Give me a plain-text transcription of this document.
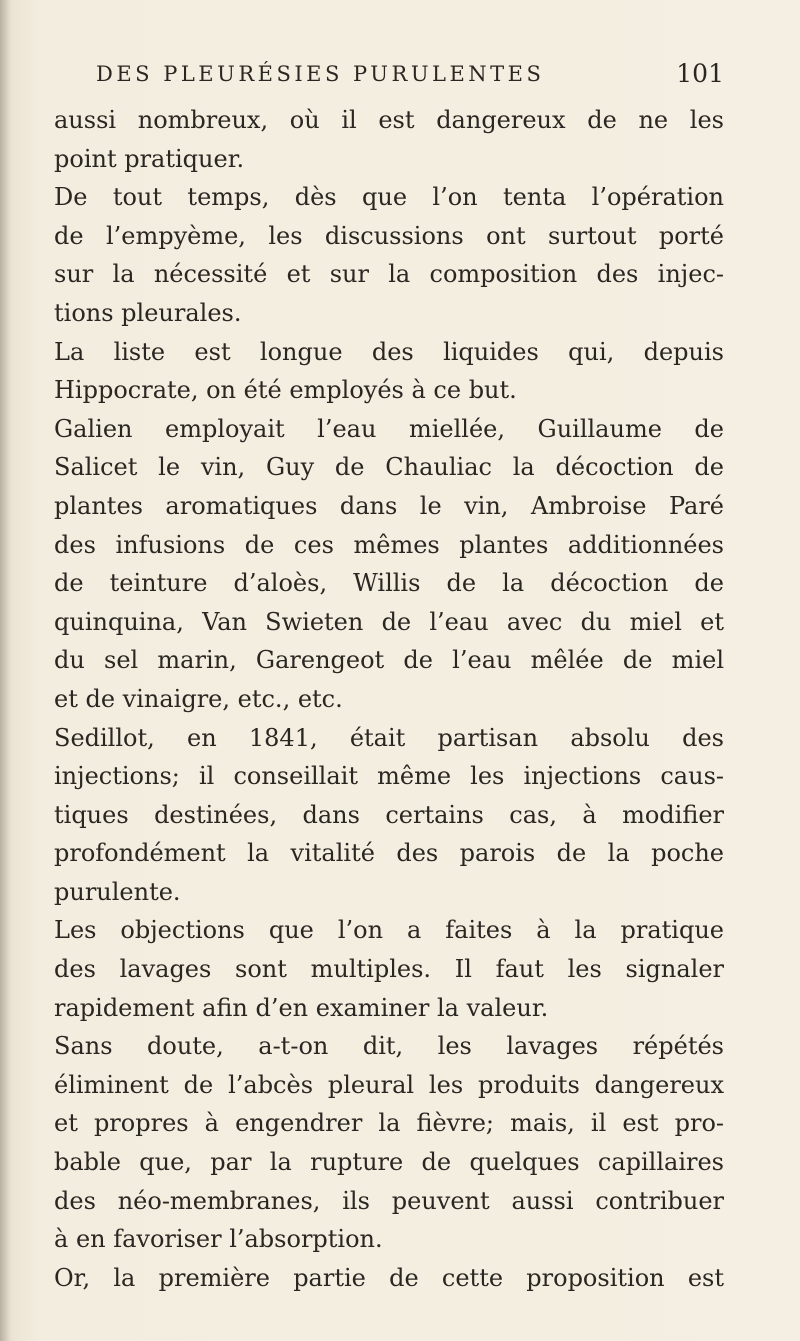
DES PLEURÉSIES PURULENTES	101
aussi nombreux, où il est dangereux de ne les
point pratiquer.
De tout temps, dès que l’on tenta l’opération
de l’empyème, les discussions ont surtout porté
sur la nécessité et sur la composition des injec-
tions pleurales.
La liste est longue des liquides qui, depuis
Hippocrate, on été employés à ce but.
Galien employait l’eau miellée, Guillaume de
Salicet le vin, Guy de Chauliac la décoction de
plantes aromatiques dans le vin, Ambroise Paré
des infusions de ces mêmes plantes additionnées
de teinture d’aloès, Willis de la décoction de
quinquina, Van Swieten de l’eau avec du miel et
du sel marin, Garengeot de l’eau mêlée de miel
et de vinaigre, etc., etc.
Sedillot, en 1841, était partisan absolu des
injections; il conseillait même les injections caus-
tiques destinées, dans certains cas, à modifier
profondément la vitalité des parois de la poche
purulente.
Les objections que l’on a faites à la pratique
des lavages sont multiples. Il faut les signaler
rapidement afin d’en examiner la valeur.
Sans doute, a-t-on dit, les lavages répétés
éliminent de l’abcès pleural les produits dangereux
et propres à engendrer la fièvre; mais, il est pro-
bable que, par la rupture de quelques capillaires
des néo-membranes, ils peuvent aussi contribuer
à en favoriser l’absorption.
Or, la première partie de cette proposition est
